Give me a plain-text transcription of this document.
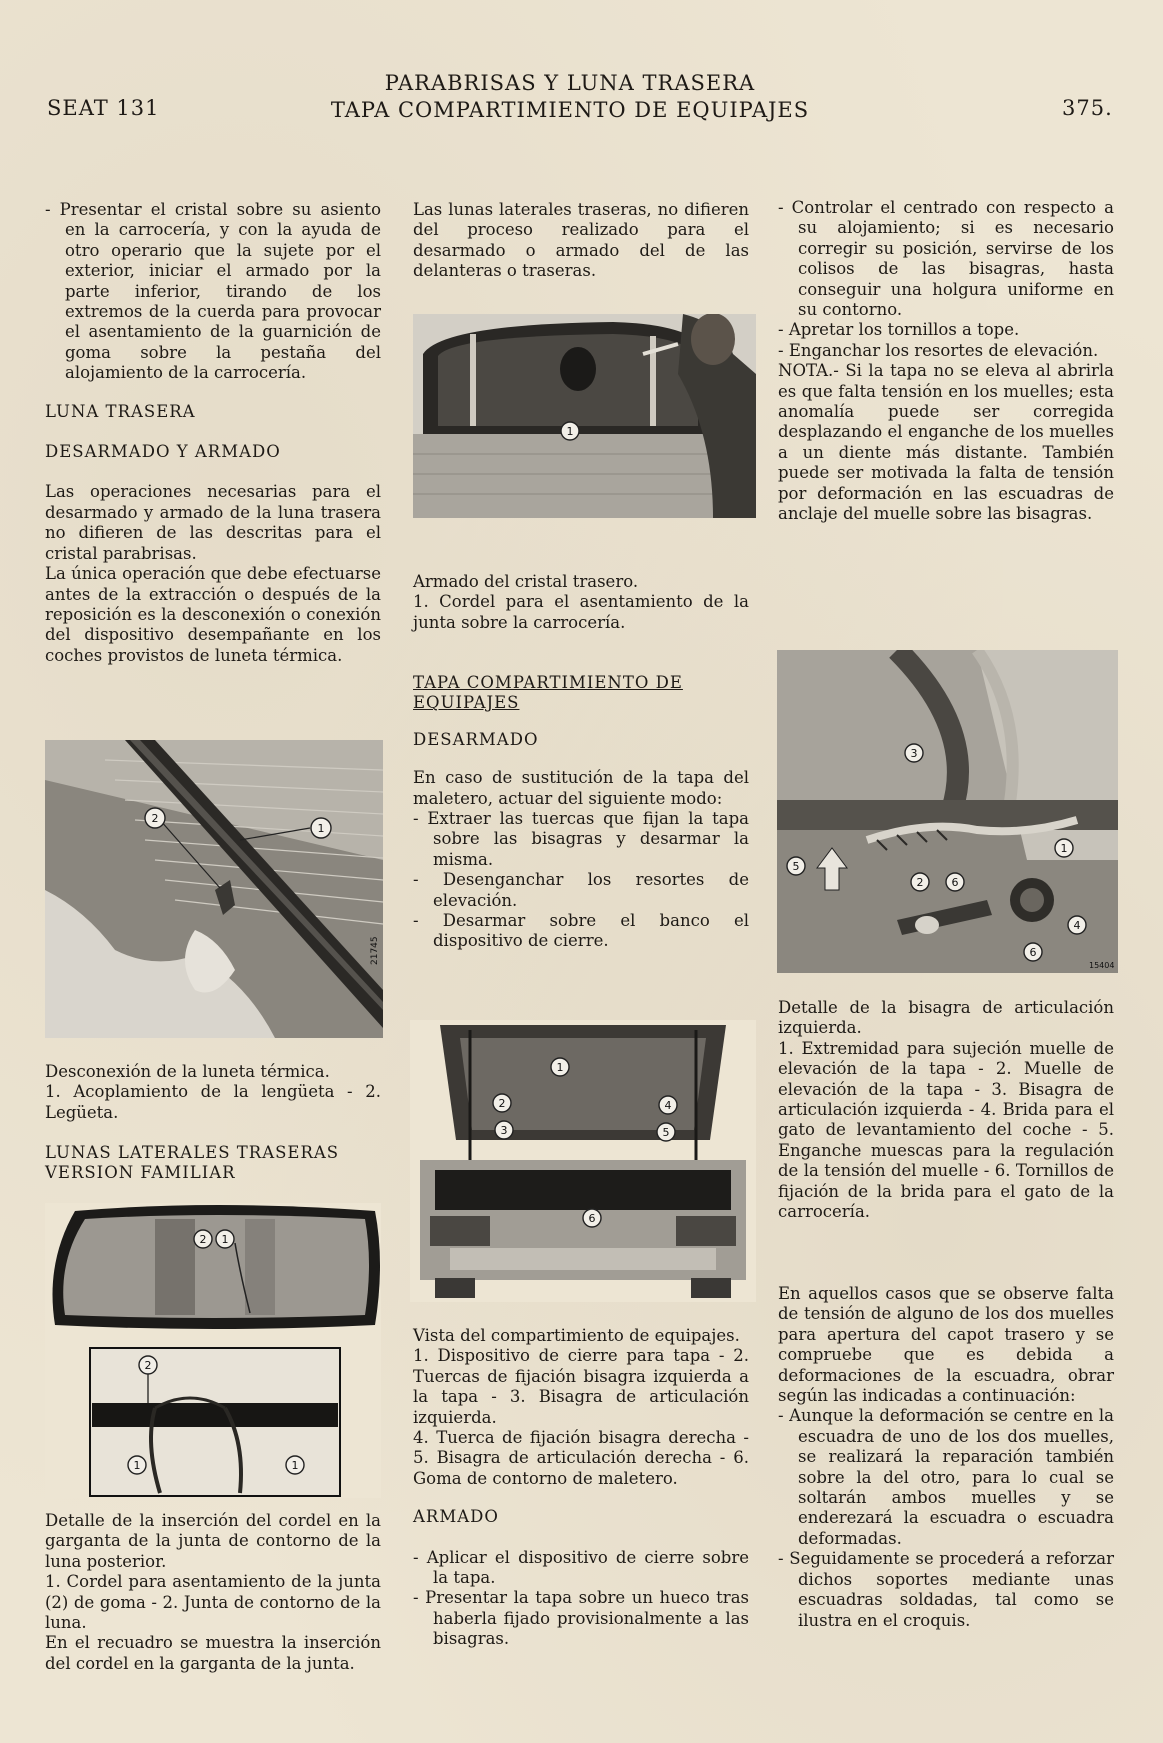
SEAT 131
PARABRISAS Y LUNA TRASERA
TAPA COMPARTIMIENTO DE EQUIPAJES	375.

- Presentar el cristal sobre su asiento en la carrocería, y con la ayuda de otro operario que la sujete por el exterior, iniciar el armado por la parte inferior, tirando de los extremos de la cuerda para provocar el asentamiento de la guarnición de goma sobre la pestaña del alojamiento de la carrocería.

LUNA TRASERA

DESARMADO Y ARMADO

Las operaciones necesarias para el desarmado y armado de la luna trasera no difieren de las descritas para el cristal parabrisas.

La única operación que debe efectuarse antes de la extracción o después de la reposición es la desconexión o conexión del dispositivo desempañante en los coches provistos de luneta térmica.

2
1
21745

Desconexión de la luneta térmica.

1. Acoplamiento de la lengüeta - 2. Legüeta.

LUNAS LATERALES TRASERAS VERSION FAMILIAR
2 1
2
1	1

Detalle de la inserción del cordel en la garganta de la junta de contorno de la luna posterior.

1. Cordel para asentamiento de la junta (2) de goma - 2. Junta de contorno de la luna.

En el recuadro se muestra la inserción del cordel en la garganta de la junta.

Las lunas laterales traseras, no difieren del proceso realizado para el desarmado o armado del de las delanteras o traseras.

1

Armado del cristal trasero.

1. Cordel para el asentamiento de la junta sobre la carrocería.

TAPA COMPARTIMIENTO DE EQUIPAJES

DESARMADO

En caso de sustitución de la tapa del maletero, actuar del siguiente modo:

- Extraer las tuercas que fijan la tapa sobre las bisagras y desarmar la misma.

- Desenganchar los resortes de elevación.

- Desarmar sobre el banco el dispositivo de cierre.

1
2
3
4
5
6

Vista del compartimiento de equipajes.

1. Dispositivo de cierre para tapa - 2. Tuercas de fijación bisagra izquierda a la tapa - 3. Bisagra de articulación izquierda.

4. Tuerca de fijación bisagra derecha - 5. Bisagra de articulación derecha - 6. Goma de contorno de maletero.

ARMADO

- Aplicar el dispositivo de cierre sobre la tapa.

- Presentar la tapa sobre un hueco tras haberla fijado provisionalmente a las bisagras.

- Controlar el centrado con respecto a su alojamiento; si es necesario corregir su posición, servirse de los colisos de las bisagras, hasta conseguir una holgura uniforme en su contorno.

- Apretar los tornillos a tope.

- Enganchar los resortes de elevación.

NOTA.- Si la tapa no se eleva al abrirla es que falta tensión en los muelles; esta anomalía puede ser corregida desplazando el enganche de los muelles a un diente más distante. También puede ser motivada la falta de tensión por deformación en las escuadras de anclaje del muelle sobre las bisagras.

3
1
5
2	6
4
6
15404

Detalle de la bisagra de articulación izquierda.

1. Extremidad para sujeción muelle de elevación de la tapa - 2. Muelle de elevación de la tapa - 3. Bisagra de articulación izquierda - 4. Brida para el gato de levantamiento del coche - 5. Enganche muescas para la regulación de la tensión del muelle - 6. Tornillos de fijación de la brida para el gato de la carrocería.

En aquellos casos que se observe falta de tensión de alguno de los dos muelles para apertura del capot trasero y se compruebe que es debida a deformaciones de la escuadra, obrar según las indicadas a continuación:

- Aunque la deformación se centre en la escuadra de uno de los dos muelles, se realizará la reparación también sobre la del otro, para lo cual se soltarán ambos muelles y se enderezará la escuadra o escuadra deformadas.

- Seguidamente se procederá a reforzar dichos soportes mediante unas escuadras soldadas, tal como se ilustra en el croquis.
